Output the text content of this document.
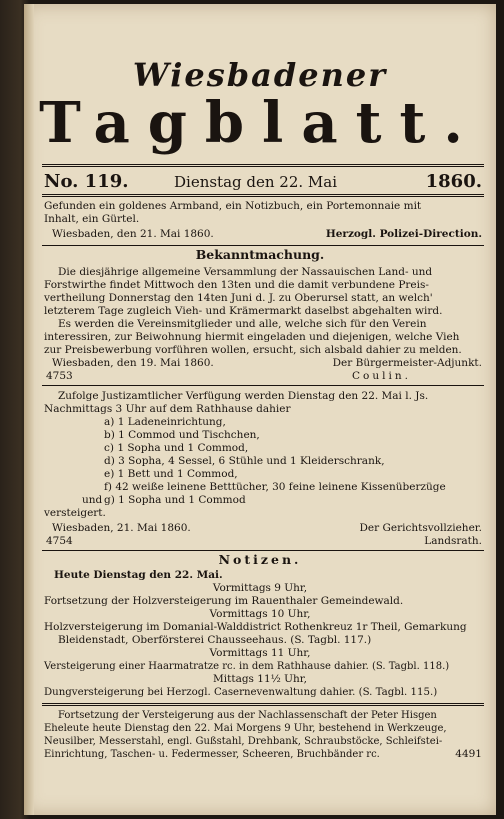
Wiesbadener
Tagblatt.
No. 119.	Dienstag den 22. Mai	1860.
Gefunden ein goldenes Armband, ein Notizbuch, ein Portemonnaie mit
Inhalt, ein Gürtel.
Wiesbaden, den 21. Mai 1860.	Herzogl. Polizei-Direction.
Bekanntmachung.
Die diesjährige allgemeine Versammlung der Nassauischen Land- und
Forstwirthe findet Mittwoch den 13ten und die damit verbundene Preis-
vertheilung Donnerstag den 14ten Juni d. J. zu Oberursel statt, an welch'
letzterem Tage zugleich Vieh- und Krämermarkt daselbst abgehalten wird.
Es werden die Vereinsmitglieder und alle, welche sich für den Verein
interessiren, zur Beiwohnung hiermit eingeladen und diejenigen, welche Vieh
zur Preisbewerbung vorführen wollen, ersucht, sich alsbald dahier zu melden.
Wiesbaden, den 19. Mai 1860.	Der Bürgermeister-Adjunkt.
4753	Coulin.
Zufolge Justizamtlicher Verfügung werden Dienstag den 22. Mai l. Js.
Nachmittags 3 Uhr auf dem Rathhause dahier
a) 1 Ladeneinrichtung,
b) 1 Commod und Tischchen,
c) 1 Sopha und 1 Commod,
d) 3 Sopha, 4 Sessel, 6 Stühle und 1 Kleiderschrank,
e) 1 Bett und 1 Commod,
f) 42 weiße leinene Betttücher, 30 feine leinene Kissenüberzüge
und g) 1 Sopha und 1 Commod
versteigert.
Wiesbaden, 21. Mai 1860.	Der Gerichtsvollzieher.
4754	Landsrath.
Notizen.
Heute Dienstag den 22. Mai.
Vormittags 9 Uhr,
Fortsetzung der Holzversteigerung im Rauenthaler Gemeindewald.
Vormittags 10 Uhr,
Holzversteigerung im Domanial-Walddistrict Rothenkreuz 1r Theil, Gemarkung
Bleidenstadt, Oberförsterei Chausseehaus. (S. Tagbl. 117.)
Vormittags 11 Uhr,
Versteigerung einer Haarmatratze rc. in dem Rathhause dahier. (S. Tagbl. 118.)
Mittags 11½ Uhr,
Dungversteigerung bei Herzogl. Casernevenwaltung dahier. (S. Tagbl. 115.)
Fortsetzung der Versteigerung aus der Nachlassenschaft der Peter Hisgen
Eheleute heute Dienstag den 22. Mai Morgens 9 Uhr, bestehend in Werkzeuge,
Neusilber, Messerstahl, engl. Gußstahl, Drehbank, Schraubstöcke, Schleifstei-
Einrichtung, Taschen- u. Federmesser, Scheeren, Bruchbänder rc.	4491
